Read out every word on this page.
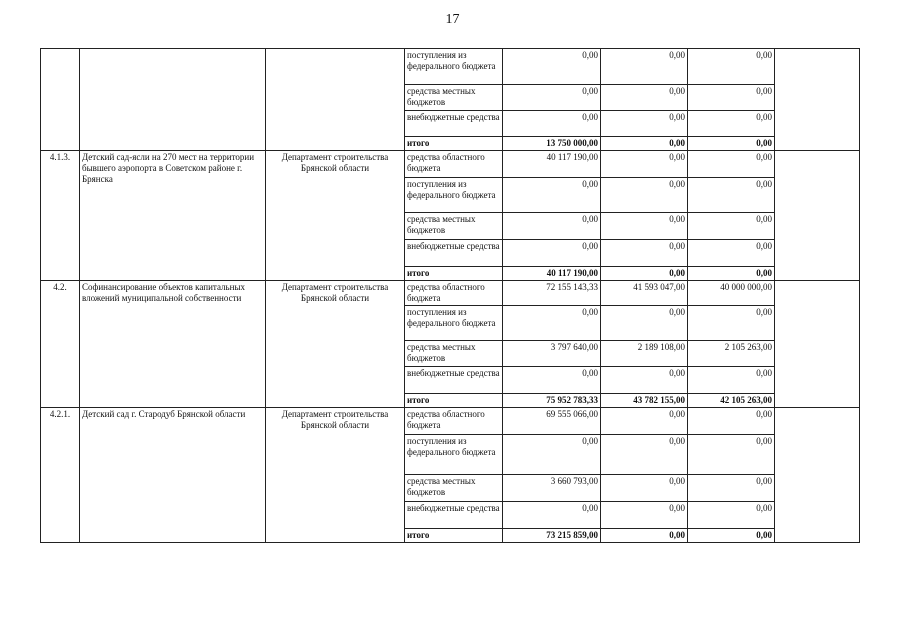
17
			поступления из федерального бюджета	0,00	0,00	0,00	
			средства местных бюджетов	0,00	0,00	0,00	
			внебюджетные средства	0,00	0,00	0,00	
			итого	13 750 000,00	0,00	0,00	
4.1.3.	Детский сад-ясли на 270 мест на территории бывшего аэропорта в Советском районе г. Брянска	Департамент строительства Брянской области	средства областного бюджета	40 117 190,00	0,00	0,00	
			поступления из федерального бюджета	0,00	0,00	0,00	
			средства местных бюджетов	0,00	0,00	0,00	
			внебюджетные средства	0,00	0,00	0,00	
			итого	40 117 190,00	0,00	0,00	
4.2.	Софинансирование объектов капитальных вложений муниципальной собственности	Департамент строительства Брянской области	средства областного бюджета	72 155 143,33	41 593 047,00	40 000 000,00	
			поступления из федерального бюджета	0,00	0,00	0,00	
			средства местных бюджетов	3 797 640,00	2 189 108,00	2 105 263,00	
			внебюджетные средства	0,00	0,00	0,00	
			итого	75 952 783,33	43 782 155,00	42 105 263,00	
4.2.1.	Детский сад г. Стародуб Брянской области	Департамент строительства Брянской области	средства областного бюджета	69 555 066,00	0,00	0,00	
			поступления из федерального бюджета	0,00	0,00	0,00	
			средства местных бюджетов	3 660 793,00	0,00	0,00	
			внебюджетные средства	0,00	0,00	0,00	
			итого	73 215 859,00	0,00	0,00	
